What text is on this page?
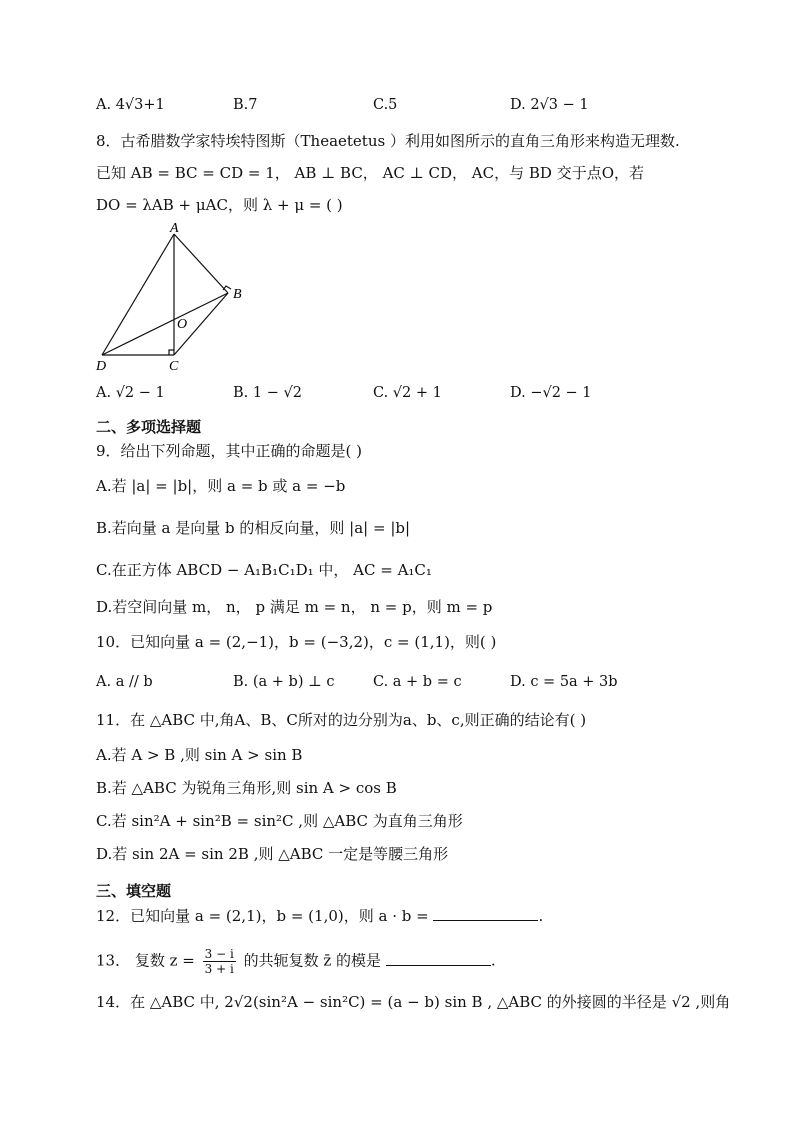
A. 4√3+1	B.7	C.5	D. 2√3 − 1
8．古希腊数学家特埃特图斯（Theaetetus ）利用如图所示的直角三角形来构造无理数.
已知 AB = BC = CD = 1， AB ⊥ BC， AC ⊥ CD， AC，与 BD 交于点O，若
DO = λAB + μAC，则 λ + μ = ( )
A
B
C
D
O
A. √2 − 1	B. 1 − √2	C. √2 + 1	D. −√2 − 1
二、多项选择题
9．给出下列命题，其中正确的命题是( )
A.若 |a| = |b|，则 a = b 或 a = −b
B.若向量 a 是向量 b 的相反向量，则 |a| = |b|
C.在正方体 ABCD − A₁B₁C₁D₁ 中， AC = A₁C₁
D.若空间向量 m， n， p 满足 m = n， n = p，则 m = p
10．已知向量 a = (2,−1)，b = (−3,2)，c = (1,1)，则( )
A. a // b	B. (a + b) ⊥ c	C. a + b = c	D. c = 5a + 3b
11．在 △ABC 中,角A、B、C所对的边分别为a、b、c,则正确的结论有( )
A.若 A > B ,则 sin A > sin B
B.若 △ABC 为锐角三角形,则 sin A > cos B
C.若 sin²A + sin²B = sin²C ,则 △ABC 为直角三角形
D.若 sin 2A = sin 2B ,则 △ABC 一定是等腰三角形
三、填空题
12．已知向量 a = (2,1)，b = (1,0)，则 a · b =	.
13． 复数 $z = \frac{3 - i}{3 + i}$ 的共轭复数 z̄ 的模是	.
14．在 △ABC 中, 2√2(sin²A − sin²C) = (a − b) sin B , △ABC 的外接圆的半径是 √2 ,则角
